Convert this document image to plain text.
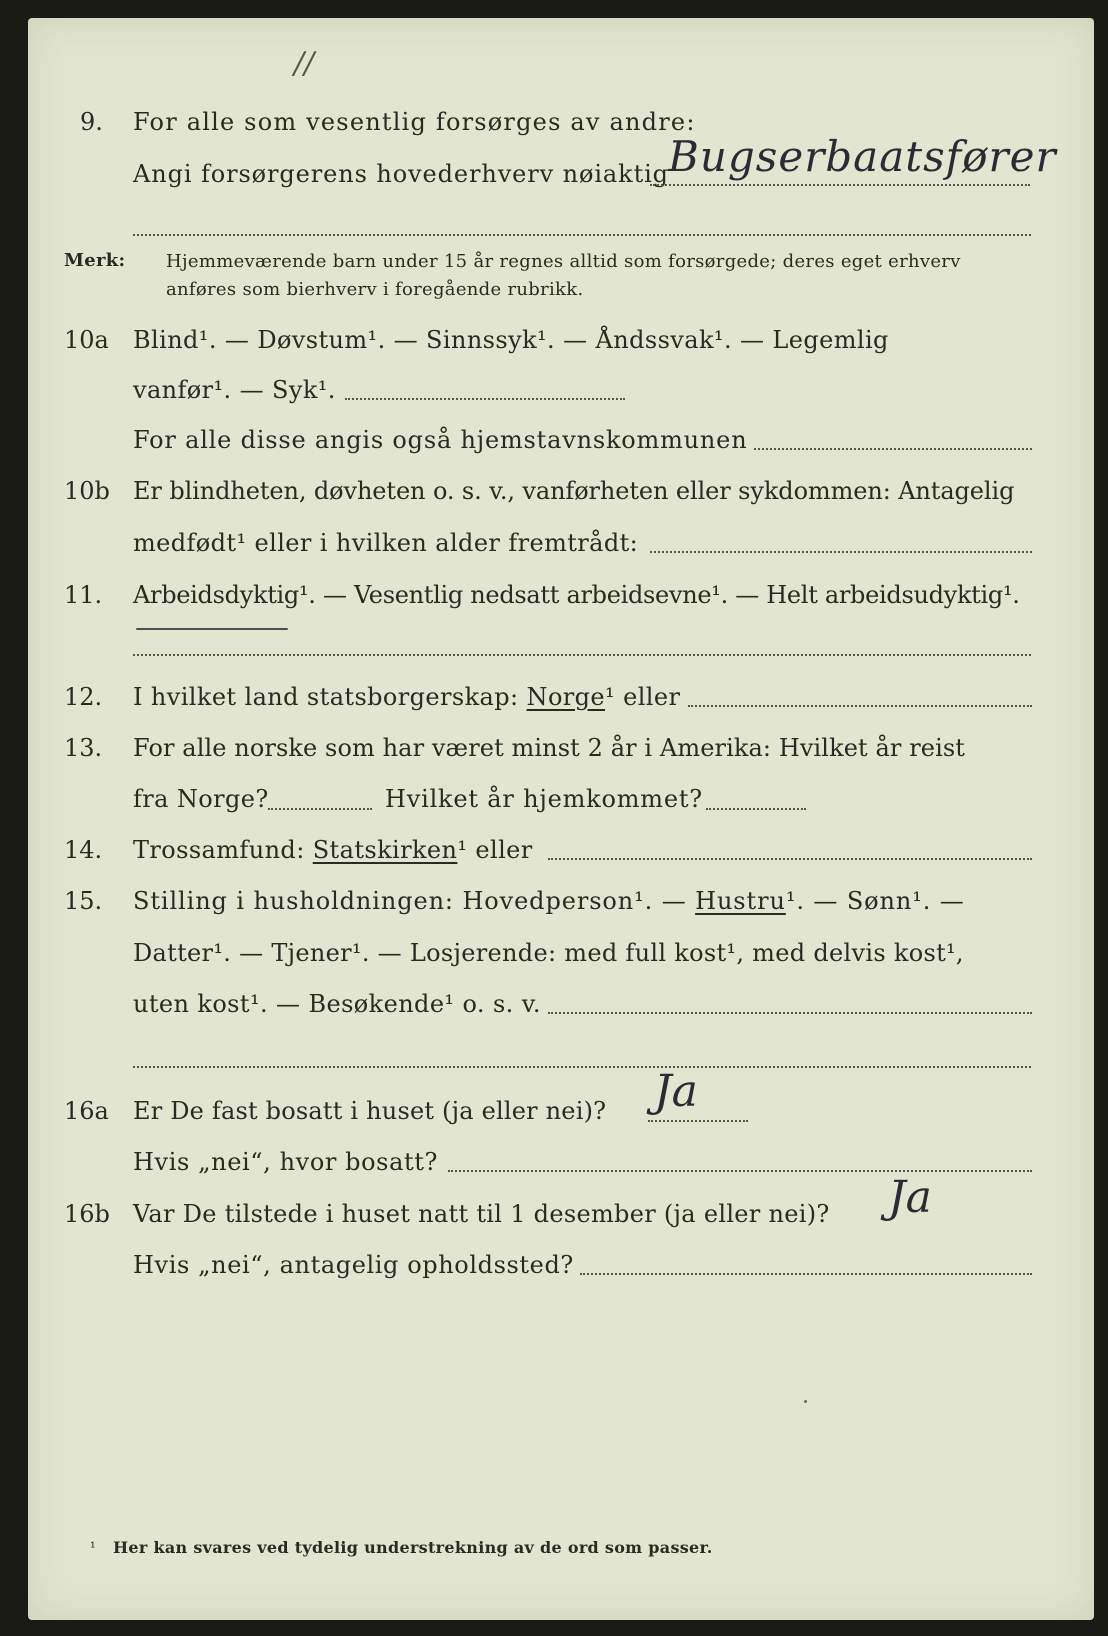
//
9. For alle som vesentlig forsørges av andre:
Angi forsørgerens hovederhverv nøiaktig Bugserbaatsfører
Merk: Hjemmeværende barn under 15 år regnes alltid som forsørgede; deres eget erhverv
anføres som bierhverv i foregående rubrikk.
10a Blind¹. — Døvstum¹. — Sinnssyk¹. — Åndssvak¹. — Legemlig
vanfør¹. — Syk¹.
For alle disse angis også hjemstavnskommunen
10b Er blindheten, døvheten o. s. v., vanførheten eller sykdommen: Antagelig
medfødt¹ eller i hvilken alder fremtrådt:
11. Arbeidsdyktig¹. — Vesentlig nedsatt arbeidsevne¹. — Helt arbeidsudyktig¹.
12. I hvilket land statsborgerskap: Norge¹ eller
13. For alle norske som har været minst 2 år i Amerika: Hvilket år reist
fra Norge?	Hvilket år hjemkommet?
14. Trossamfund: Statskirken¹ eller
15. Stilling i husholdningen: Hovedperson¹. — Hustru¹. — Sønn¹. —
Datter¹. — Tjener¹. — Losjerende: med full kost¹, med delvis kost¹,
uten kost¹. — Besøkende¹ o. s. v.
16a Er De fast bosatt i huset (ja eller nei)? Ja
Hvis „nei“, hvor bosatt?
16b Var De tilstede i huset natt til 1 desember (ja eller nei)? Ja
Hvis „nei“, antagelig opholdssted?
¹ Her kan svares ved tydelig understrekning av de ord som passer.
